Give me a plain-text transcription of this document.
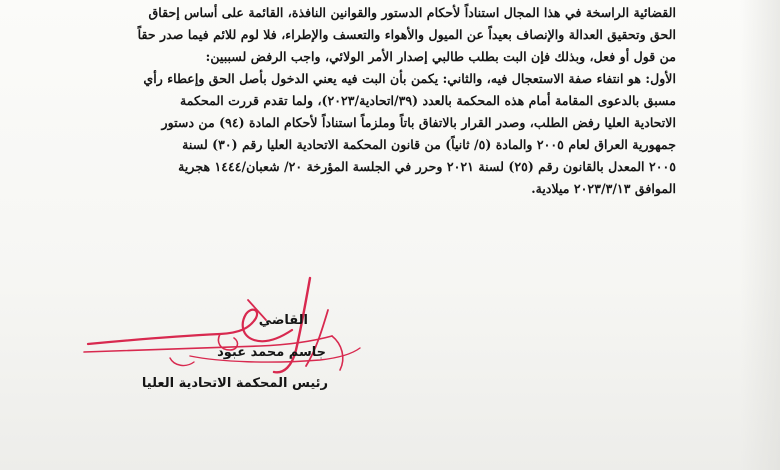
القضائية الراسخة في هذا المجال استناداً لأحكام الدستور والقوانين النافذة، القائمة على أساس إحقاق
الحق وتحقيق العدالة والإنصاف بعيداً عن الميول والأهواء والتعسف والإطراء، فلا لوم للائم فيما صدر حقاً
من قول أو فعل، وبذلك فإن البت بطلب طالبي إصدار الأمر الولائي، واجب الرفض لسببين:
الأول: هو انتفاء صفة الاستعجال فيه، والثاني: يكمن بأن البت فيه يعني الدخول بأصل الحق وإعطاء رأي
مسبق بالدعوى المقامة أمام هذه المحكمة بالعدد (٣٩/اتحادية/٢٠٢٣)، ولما تقدم قررت المحكمة
الاتحادية العليا رفض الطلب، وصدر القرار بالاتفاق باتاً وملزماً استناداً لأحكام المادة (٩٤) من دستور
جمهورية العراق لعام ٢٠٠٥ والمادة (٥/ ثانياً) من قانون المحكمة الاتحادية العليا رقم (٣٠) لسنة
٢٠٠٥ المعدل بالقانون رقم (٢٥) لسنة ٢٠٢١ وحرر في الجلسة المؤرخة ٢٠/ شعبان/١٤٤٤ هجرية
الموافق ٢٠٢٣/٣/١٣ ميلادية.
القاضي
جاسم محمد عبود
رئيس المحكمة الاتحادية العليا
